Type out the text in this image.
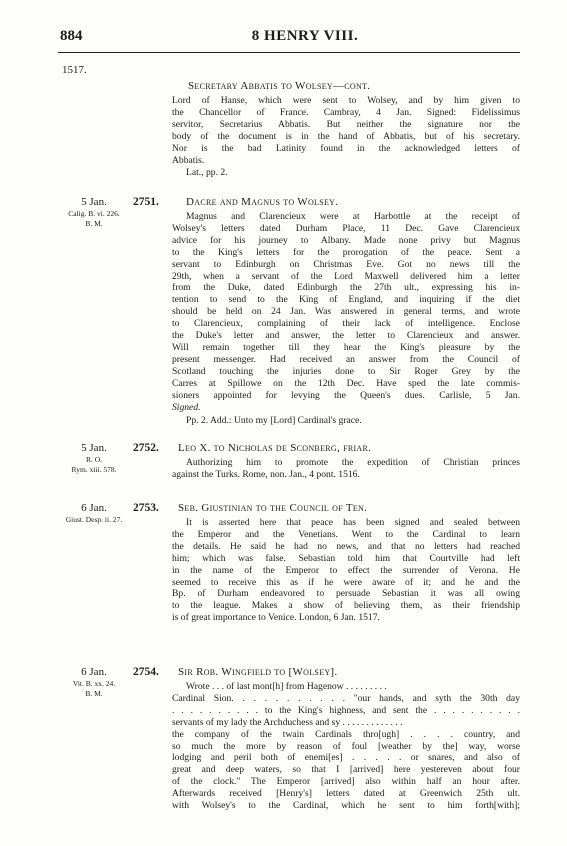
884	8 HENRY VIII.
1517.
Secretary Abbatis to Wolsey—cont.
Lord of Hanse, which were sent to Wolsey, and by him given to
the Chancellor of France. Cambray, 4 Jan. Signed: Fidelissimus
servitor, Secretarius Abbatis. But neither the signature nor the
body of the document is in the hand of Abbatis, but of his secretary.
Nor is the bad Latinity found in the acknowledged letters of
Abbatis.
Lat., pp. 2.
5 Jan.
Calig. B. vi. 226.
B. M.
2751. Dacre and Magnus to Wolsey.
Magnus and Clarencieux were at Harbottle at the receipt of
Wolsey's letters dated Durham Place, 11 Dec. Gave Clarencieux
advice for his journey to Albany. Made none privy but Magnus
to the King's letters for the prorogation of the peace. Sent a
servant to Edinburgh on Christmas Eve. Got no news till the
29th, when a servant of the Lord Maxwell delivered him a letter
from the Duke, dated Edinburgh the 27th ult., expressing his in-
tention to send to the King of England, and inquiring if the diet
should be held on 24 Jan. Was answered in general terms, and wrote
to Clarencieux, complaining of their lack of intelligence. Enclose
the Duke's letter and answer, the letter to Clarencieux and answer.
Will remain together till they hear the King's pleasure by the
present messenger. Had received an answer from the Council of
Scotland touching the injuries done to Sir Roger Grey by the
Carres at Spillowe on the 12th Dec. Have sped the late commis-
sioners appointed for levying the Queen's dues. Carlisle, 5 Jan.
Signed.
Pp. 2. Add.: Unto my [Lord] Cardinal's grace.
5 Jan.
R. O.
Rym. xiii. 578.
2752. Leo X. to Nicholas de Sconberg, friar.
Authorizing him to promote the expedition of Christian princes
against the Turks. Rome, non. Jan., 4 pont. 1516.
6 Jan.
Giust. Desp. ii. 27.
2753. Seb. Giustinian to the Council of Ten.
It is asserted here that peace has been signed and sealed between
the Emperor and the Venetians. Went to the Cardinal to learn
the details. He said he had no news, and that no letters had reached
him; which was false. Sebastian told him that Courtville had left
in the name of the Emperor to effect the surrender of Verona. He
seemed to receive this as if he were aware of it; and he and the
Bp. of Durham endeavored to persuade Sebastian it was all owing
to the league. Makes a show of believing them, as their friendship
is of great importance to Venice. London, 6 Jan. 1517.
6 Jan.
Vit. B. xx. 24.
B. M.
2754. Sir Rob. Wingfield to [Wolsey].
Wrote . . . of last mont[h] from Hagenow . . . . . . . . .
Cardinal Sion. . . . . . . . . . . "our hands, and syth the 30th day
. . . . . . . . . . to the King's highness, and sent the . . . . . . . . . .
servants of my lady the Archduchess and sy . . . . . . . . . . . . .
the company of the twain Cardinals thro[ugh] . . . . country, and
so much the more by reason of foul [weather by the] way, worse
lodging and peril both of enemi[es] . . . . . or snares, and also of
great and deep waters, so that I [arrived] here yestereven about four
of the clock." The Emperor [arrived] also within half an hour after.
Afterwards received [Henry's] letters dated at Greenwich 25th ult.
with Wolsey's to the Cardinal, which he sent to him forth[with];
